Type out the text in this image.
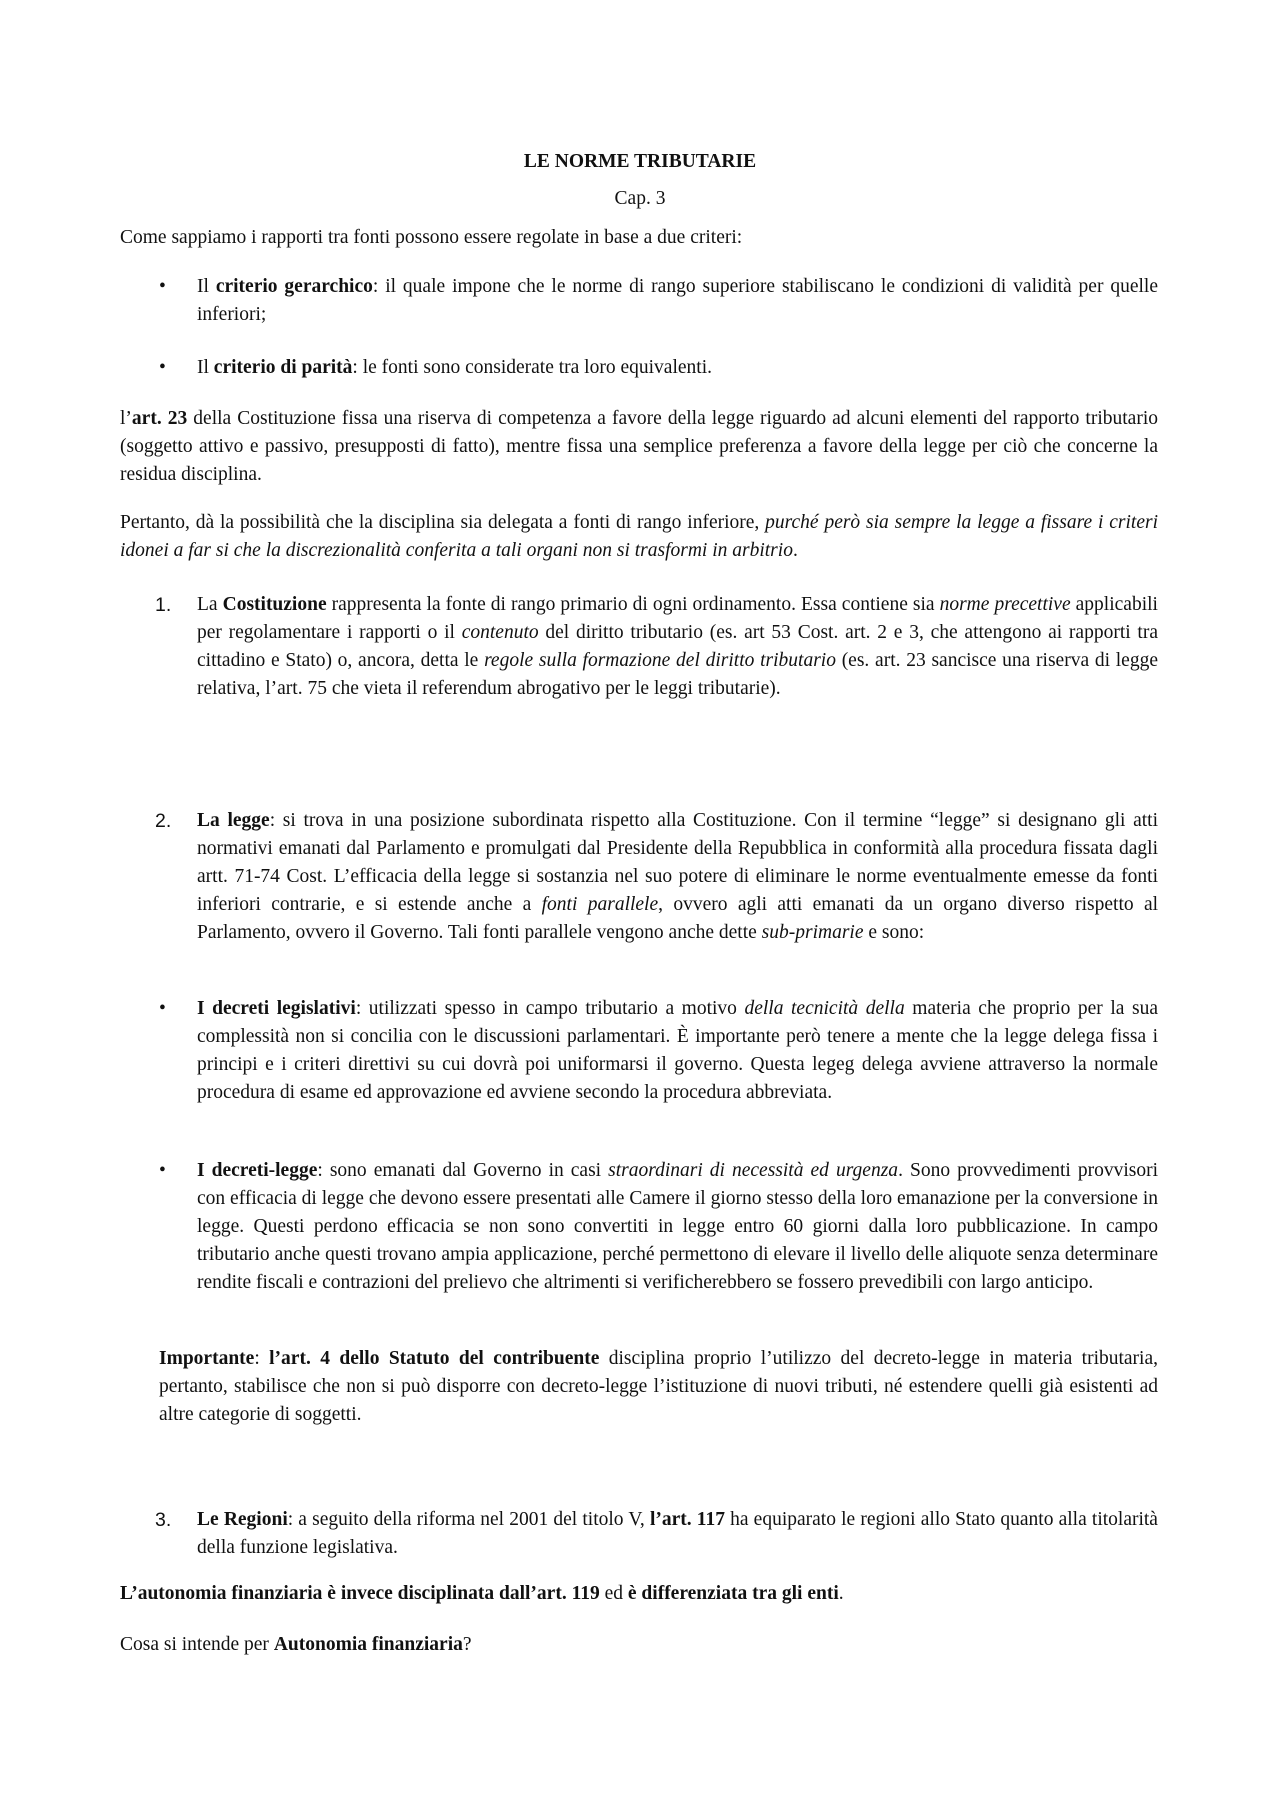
LE NORME TRIBUTARIE
Cap. 3
Come sappiamo i rapporti tra fonti possono essere regolate in base a due criteri:
• Il criterio gerarchico: il quale impone che le norme di rango superiore stabiliscano le condizioni di validità per quelle inferiori;
• Il criterio di parità: le fonti sono considerate tra loro equivalenti.
l’art. 23 della Costituzione fissa una riserva di competenza a favore della legge riguardo ad alcuni elementi del rapporto tributario (soggetto attivo e passivo, presupposti di fatto), mentre fissa una semplice preferenza a favore della legge per ciò che concerne la residua disciplina.
Pertanto, dà la possibilità che la disciplina sia delegata a fonti di rango inferiore, purché però sia sempre la legge a fissare i criteri idonei a far si che la discrezionalità conferita a tali organi non si trasformi in arbitrio.
1. La Costituzione rappresenta la fonte di rango primario di ogni ordinamento. Essa contiene sia norme precettive applicabili per regolamentare i rapporti o il contenuto del diritto tributario (es. art 53 Cost. art. 2 e 3, che attengono ai rapporti tra cittadino e Stato) o, ancora, detta le regole sulla formazione del diritto tributario (es. art. 23 sancisce una riserva di legge relativa, l’art. 75 che vieta il referendum abrogativo per le leggi tributarie).
2. La legge: si trova in una posizione subordinata rispetto alla Costituzione. Con il termine “legge” si designano gli atti normativi emanati dal Parlamento e promulgati dal Presidente della Repubblica in conformità alla procedura fissata dagli artt. 71-74 Cost. L’efficacia della legge si sostanzia nel suo potere di eliminare le norme eventualmente emesse da fonti inferiori contrarie, e si estende anche a fonti parallele, ovvero agli atti emanati da un organo diverso rispetto al Parlamento, ovvero il Governo. Tali fonti parallele vengono anche dette sub-primarie e sono:
• I decreti legislativi: utilizzati spesso in campo tributario a motivo della tecnicità della materia che proprio per la sua complessità non si concilia con le discussioni parlamentari. È importante però tenere a mente che la legge delega fissa i principi e i criteri direttivi su cui dovrà poi uniformarsi il governo. Questa legeg delega avviene attraverso la normale procedura di esame ed approvazione ed avviene secondo la procedura abbreviata.
• I decreti-legge: sono emanati dal Governo in casi straordinari di necessità ed urgenza. Sono provvedimenti provvisori con efficacia di legge che devono essere presentati alle Camere il giorno stesso della loro emanazione per la conversione in legge. Questi perdono efficacia se non sono convertiti in legge entro 60 giorni dalla loro pubblicazione. In campo tributario anche questi trovano ampia applicazione, perché permettono di elevare il livello delle aliquote senza determinare rendite fiscali e contrazioni del prelievo che altrimenti si verificherebbero se fossero prevedibili con largo anticipo.
Importante: l’art. 4 dello Statuto del contribuente disciplina proprio l’utilizzo del decreto-legge in materia tributaria, pertanto, stabilisce che non si può disporre con decreto-legge l’istituzione di nuovi tributi, né estendere quelli già esistenti ad altre categorie di soggetti.
3. Le Regioni: a seguito della riforma nel 2001 del titolo V, l’art. 117 ha equiparato le regioni allo Stato quanto alla titolarità della funzione legislativa.
L’autonomia finanziaria è invece disciplinata dall’art. 119 ed è differenziata tra gli enti.
Cosa si intende per Autonomia finanziaria?
